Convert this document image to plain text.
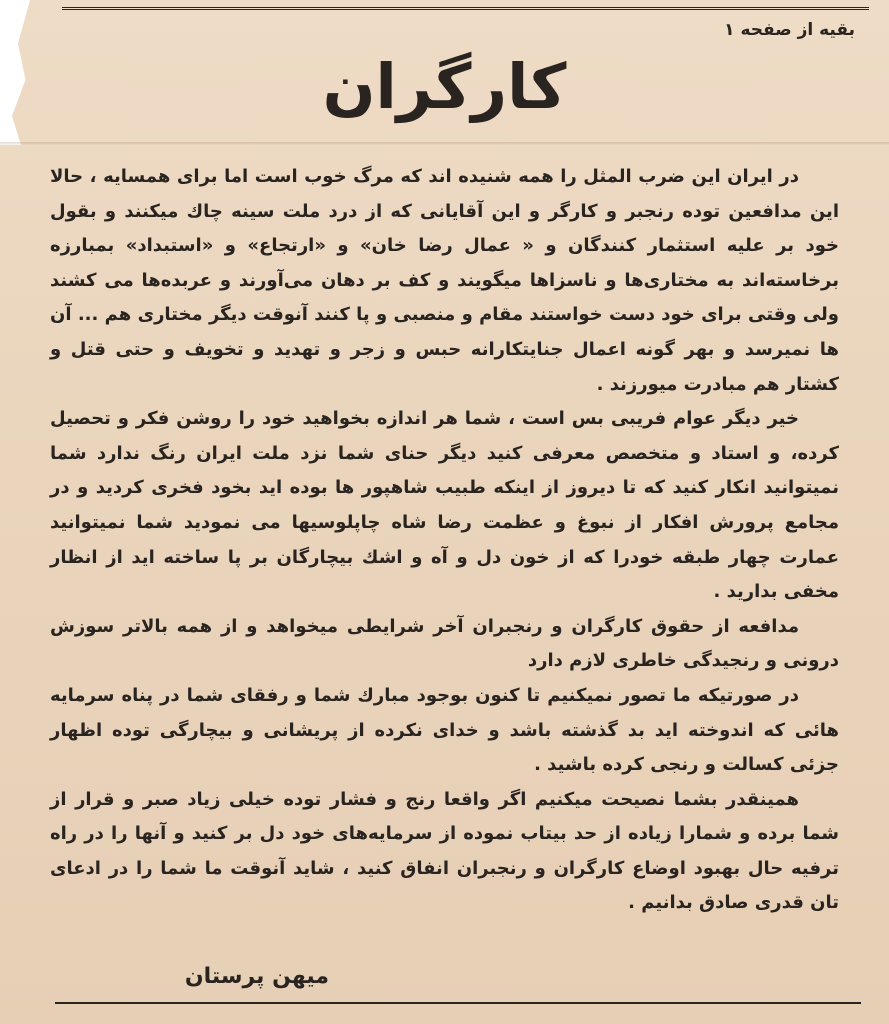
بقیه از صفحه ۱
کارگران

در ایران این ضرب المثل را همه شنیده اند که مرگ خوب است اما برای همسایه ، حالا این مدافعین توده رنجبر و کارگر و این آقایانی که از درد ملت سینه چاك میکنند و بقول خود بر علیه استثمار کنندگان و « عمال رضا خان» و «ارتجاع» و «استبداد» بمبارزه برخاسته‌اند به مختاری‌ها و ناسزا‌ها میگویند و کف بر دهان می‌آورند و عربده‌ها می کشند ولی وقتی برای خود دست خواستند مقام و منصبی و پا کنند آنوقت دیگر مختاری هم ... آن ها نمیرسد و بهر گونه اعمال جنایتکارانه حبس و زجر و تهدید و تخویف و حتی قتل و کشتار هم مبادرت میورزند .

خیر دیگر عوام فریبی بس است ، شما هر اندازه بخواهید خود را روشن فکر و تحصیل کرده، و استاد و متخصص معرفی کنید دیگر حنای شما نزد ملت ایران رنگ ندارد شما نمیتوانید انکار کنید که تا دیروز از اینکه طبیب شاهپور ها بوده اید بخود فخری کردید و در مجامع پرورش افکار از نبوغ و عظمت رضا شاه چاپلوسیها می نمودید شما نمیتوانید عمارت چهار طبقه خودرا که از خون دل و آه و اشك بیچارگان بر پا ساخته اید از انظار مخفی بدارید .

مدافعه از حقوق کارگران و رنجبران آخر شرایطی میخواهد و از همه بالاتر سوزش درونی و رنجیدگی خاطری لازم دارد

در صورتیکه ما تصور نمیکنیم تا کنون بوجود مبارك شما و رفقای شما در پناه سرمایه هائی که اندوخته اید بد گذشته باشد و خدای نکرده از پریشانی و بیچارگی توده اظهار جزئی کسالت و رنجی کرده باشید .

همینقدر بشما نصیحت میکنیم اگر واقعا رنج و فشار توده خیلی زیاد صبر و قرار از شما برده و شمارا زیاده از حد بیتاب نموده از سرمایه‌های خود دل بر کنید و آنها را در راه ترفیه حال بهبود اوضاع کارگران و رنجبران انفاق کنید ، شاید آنوقت ما شما را در ادعای تان قدری صادق بدانیم .

میهن پرستان
